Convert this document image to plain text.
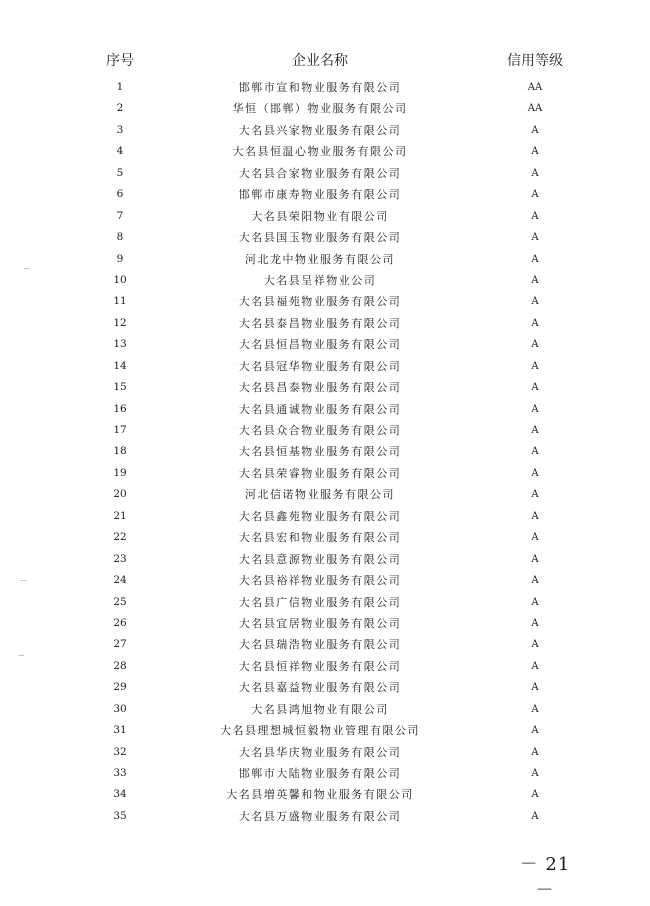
序号	企业名称	信用等级
1	邯郸市宣和物业服务有限公司	AA
2	华恒（邯郸）物业服务有限公司	AA
3	大名县兴家物业服务有限公司	A
4	大名县恒温心物业服务有限公司	A
5	大名县合家物业服务有限公司	A
6	邯郸市康寿物业服务有限公司	A
7	大名县荣阳物业有限公司	A
8	大名县国玉物业服务有限公司	A
9	河北龙中物业服务有限公司	A
10	大名县呈祥物业公司	A
11	大名县福苑物业服务有限公司	A
12	大名县泰昌物业服务有限公司	A
13	大名县恒昌物业服务有限公司	A
14	大名县冠华物业服务有限公司	A
15	大名县昌泰物业服务有限公司	A
16	大名县通诚物业服务有限公司	A
17	大名县众合物业服务有限公司	A
18	大名县恒基物业服务有限公司	A
19	大名县荣睿物业服务有限公司	A
20	河北信诺物业服务有限公司	A
21	大名县鑫苑物业服务有限公司	A
22	大名县宏和物业服务有限公司	A
23	大名县意源物业服务有限公司	A
24	大名县裕祥物业服务有限公司	A
25	大名县广信物业服务有限公司	A
26	大名县宜居物业服务有限公司	A
27	大名县瑞浩物业服务有限公司	A
28	大名县恒祥物业服务有限公司	A
29	大名县嘉益物业服务有限公司	A
30	大名县鸿旭物业有限公司	A
31	大名县理想城恒毅物业管理有限公司	A
32	大名县华庆物业服务有限公司	A
33	邯郸市大陆物业服务有限公司	A
34	大名县増英馨和物业服务有限公司	A
35	大名县万盛物业服务有限公司	A
－ 21 －
